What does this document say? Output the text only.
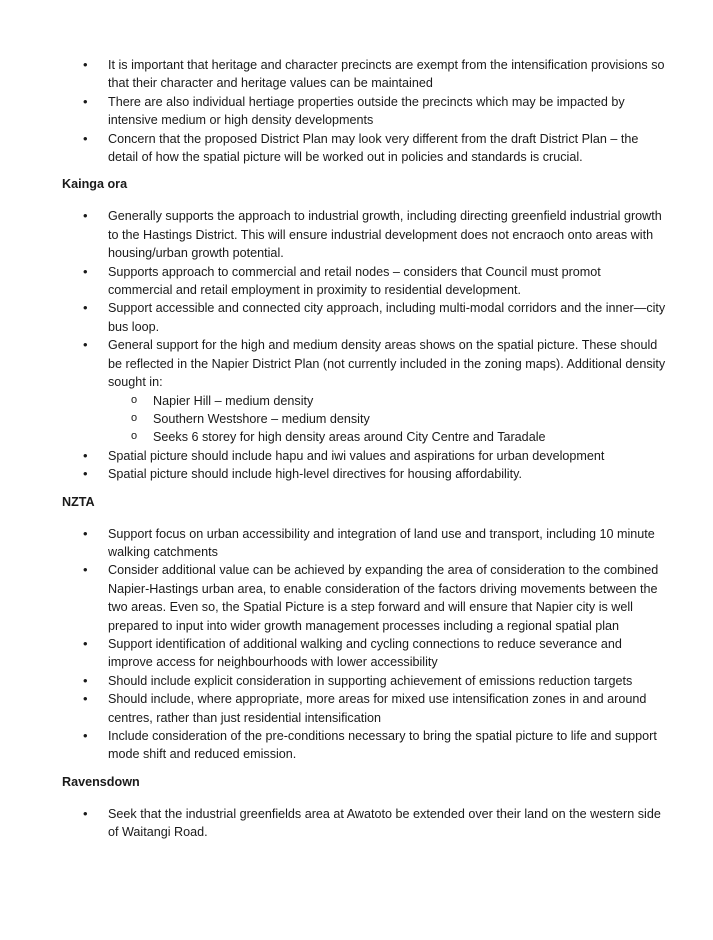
• It is important that heritage and character precincts are exempt from the intensification provisions so that their character and heritage values can be maintained
• There are also individual hertiage properties outside the precincts which may be impacted by intensive medium or high density developments
• Concern that the proposed District Plan may look very different from the draft District Plan – the detail of how the spatial picture will be worked out in policies and standards is crucial.
Kainga ora
• Generally supports the approach to industrial growth, including directing greenfield industrial growth to the Hastings District. This will ensure industrial development does not encraoch onto areas with housing/urban growth potential.
• Supports approach to commercial and retail nodes – considers that Council must promot commercial and retail employment in proximity to residential development.
• Support accessible and connected city approach, including multi-modal corridors and the inner—city bus loop.
• General support for the high and medium density areas shows on the spatial picture. These should be reflected in the Napier District Plan (not currently included in the zoning maps). Additional density sought in:
o Napier Hill – medium density
o Southern Westshore – medium density
o Seeks 6 storey for high density areas around City Centre and Taradale
• Spatial picture should include hapu and iwi values and aspirations for urban development
• Spatial picture should include high-level directives for housing affordability.
NZTA
• Support focus on urban accessibility and integration of land use and transport, including 10 minute walking catchments
• Consider additional value can be achieved by expanding the area of consideration to the combined Napier-Hastings urban area, to enable consideration of the factors driving movements between the two areas. Even so, the Spatial Picture is a step forward and will ensure that Napier city is well prepared to input into wider growth management processes including a regional spatial plan
• Support identification of additional walking and cycling connections to reduce severance and improve access for neighbourhoods with lower accessibility
• Should include explicit consideration in supporting achievement of emissions reduction targets
• Should include, where appropriate, more areas for mixed use intensification zones in and around centres, rather than just residential intensification
• Include consideration of the pre-conditions necessary to bring the spatial picture to life and support mode shift and reduced emission.
Ravensdown
• Seek that the industrial greenfields area at Awatoto be extended over their land on the western side of Waitangi Road.
